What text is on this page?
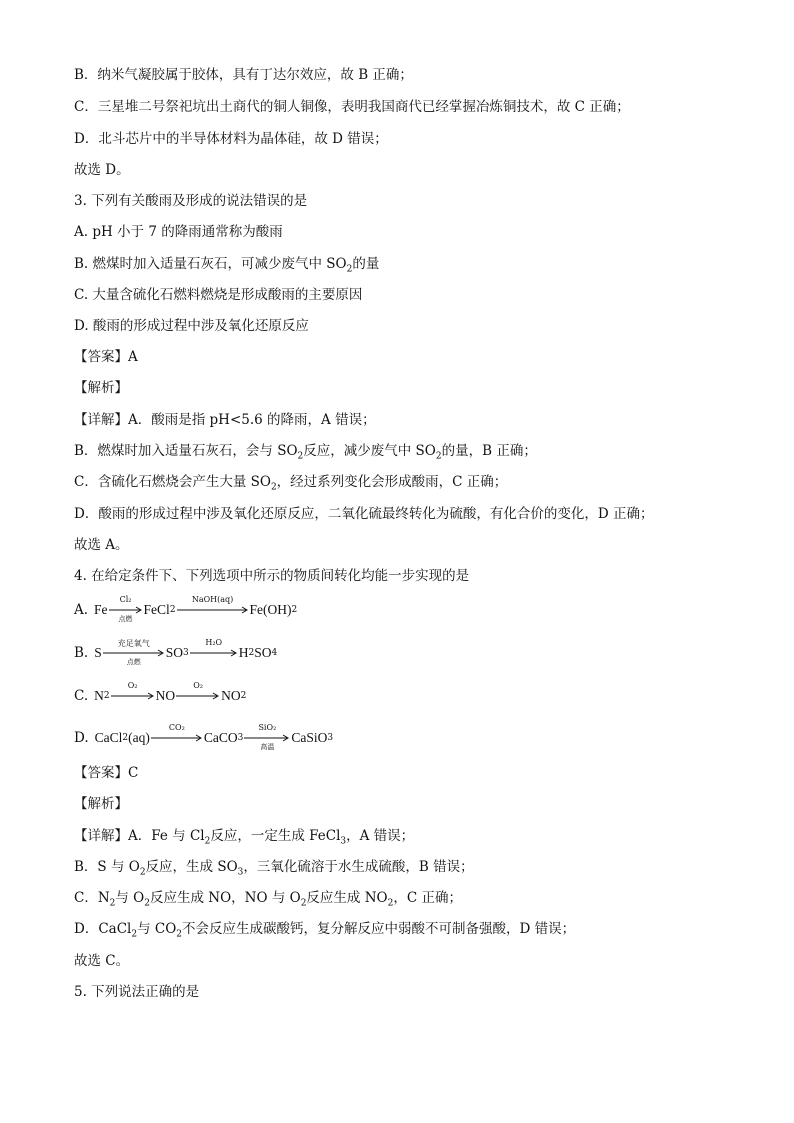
B．纳米气凝胶属于胶体，具有丁达尔效应，故 B 正确；
C．三星堆二号祭祀坑出土商代的铜人铜像，表明我国商代已经掌握冶炼铜技术，故 C 正确；
D．北斗芯片中的半导体材料为晶体硅，故 D 错误；
故选 D。
3. 下列有关酸雨及形成的说法错误的是
A. pH 小于 7 的降雨通常称为酸雨
B. 燃煤时加入适量石灰石，可减少废气中 $SO_2$的量
C. 大量含硫化石燃料燃烧是形成酸雨的主要原因
D. 酸雨的形成过程中涉及氧化还原反应
【答案】A
【解析】
【详解】A．酸雨是指 pH<5.6 的降雨，A 错误；
B．燃煤时加入适量石灰石，会与 $SO_2$反应，减少废气中 $SO_2$的量，B 正确；
C．含硫化石燃烧会产生大量 $SO_2$，经过系列变化会形成酸雨，C 正确；
D．酸雨的形成过程中涉及氧化还原反应，二氧化硫最终转化为硫酸，有化合价的变化，D 正确；
故选 A。
4. 在给定条件下、下列选项中所示的物质间转化均能一步实现的是
A. Fe
Cl₂
点燃
FeCl 2
NaOH(aq)
Fe(OH) 2
B. S
充足氧气
点燃
SO 3
H₂O
H 2 SO 4
C. N 2
O₂
NO
O₂
NO 2
D. CaCl 2 (aq)
CO₂
CaCO 3
SiO₂
高温
CaSiO 3
【答案】C
【解析】
【详解】A．Fe 与 $Cl_2$反应，一定生成 FeCl$_3$，A 错误；
B．S 与 $O_2$反应，生成 $SO_3$，三氧化硫溶于水生成硫酸，B 错误；
C．$N_2$与 $O_2$反应生成 NO，NO 与 $O_2$反应生成 $NO_2$，C 正确；
D．CaCl$_2$与 $CO_2$不会反应生成碳酸钙，复分解反应中弱酸不可制备强酸，D 错误；
故选 C。
5. 下列说法正确的是
